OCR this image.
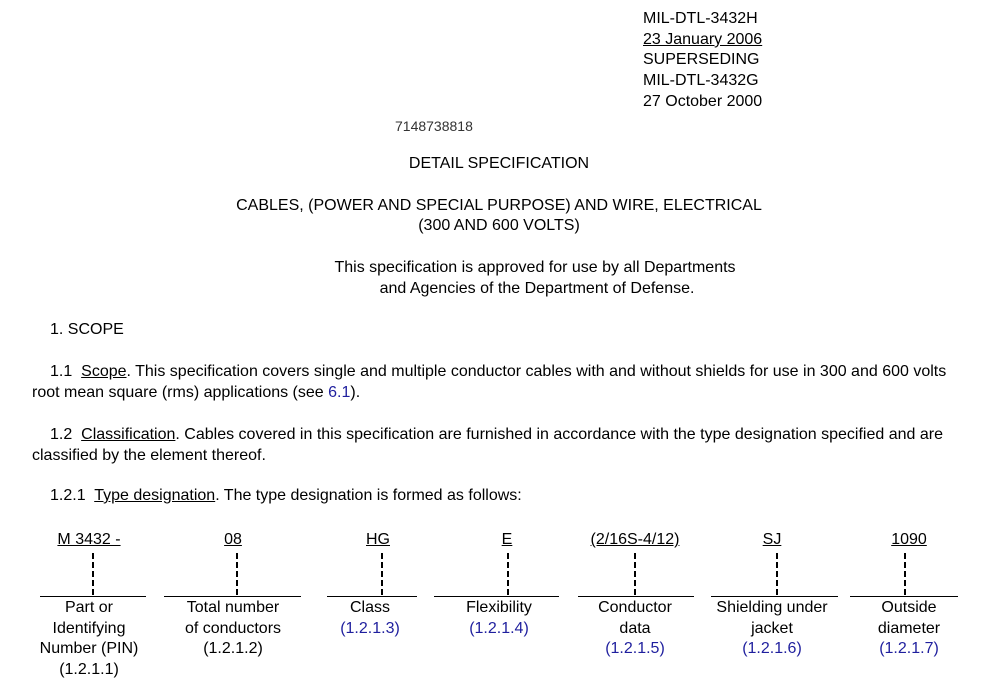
MIL-DTL-3432H
23 January 2006
SUPERSEDING
MIL-DTL-3432G
27 October 2000
7148738818
DETAIL SPECIFICATION
CABLES, (POWER AND SPECIAL PURPOSE) AND WIRE, ELECTRICAL
(300 AND 600 VOLTS)
This specification is approved for use by all Departments
and Agencies of the Department of Defense.
1. SCOPE
1.1 Scope. This specification covers single and multiple conductor cables with and without shields for use in 300 and 600 volts root mean square (rms) applications (see 6.1).
1.2 Classification. Cables covered in this specification are furnished in accordance with the type designation specified and are classified by the element thereof.
1.2.1 Type designation. The type designation is formed as follows:
M 3432 -
Part or
Identifying
Number (PIN)
(1.2.1.1)
08
Total number
of conductors
(1.2.1.2)
HG
Class
(1.2.1.3)
E
Flexibility
(1.2.1.4)
(2/16S-4/12)
Conductor
data
(1.2.1.5)
SJ
Shielding under
jacket
(1.2.1.6)
1090
Outside
diameter
(1.2.1.7)
